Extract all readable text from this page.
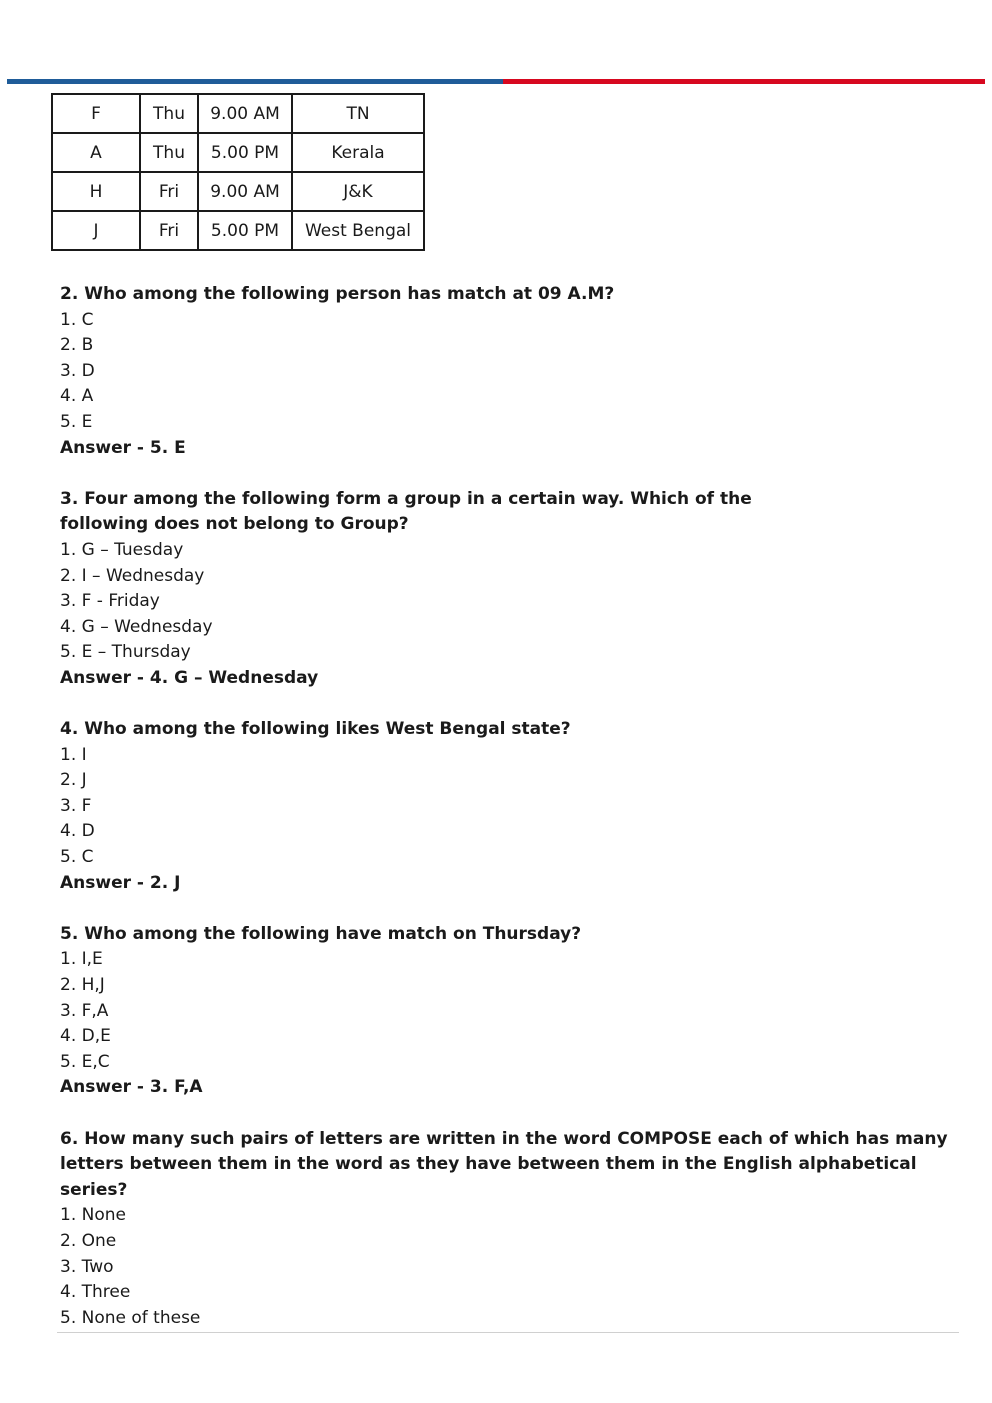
F	Thu	9.00 AM	TN
A	Thu	5.00 PM	Kerala
H	Fri	9.00 AM	J&K
J	Fri	5.00 PM	West Bengal
2. Who among the following person has match at 09 A.M?
1. C
2. B
3. D
4. A
5. E
Answer - 5. E
3. Four among the following form a group in a certain way. Which of the following does not belong to Group?
1. G – Tuesday
2. I – Wednesday
3. F - Friday
4. G – Wednesday
5. E – Thursday
Answer - 4. G – Wednesday
4. Who among the following likes West Bengal state?
1. I
2. J
3. F
4. D
5. C
Answer - 2. J
5. Who among the following have match on Thursday?
1. I,E
2. H,J
3. F,A
4. D,E
5. E,C
Answer - 3. F,A
6. How many such pairs of letters are written in the word COMPOSE each of which has many letters between them in the word as they have between them in the English alphabetical series?
1. None
2. One
3. Two
4. Three
5. None of these
